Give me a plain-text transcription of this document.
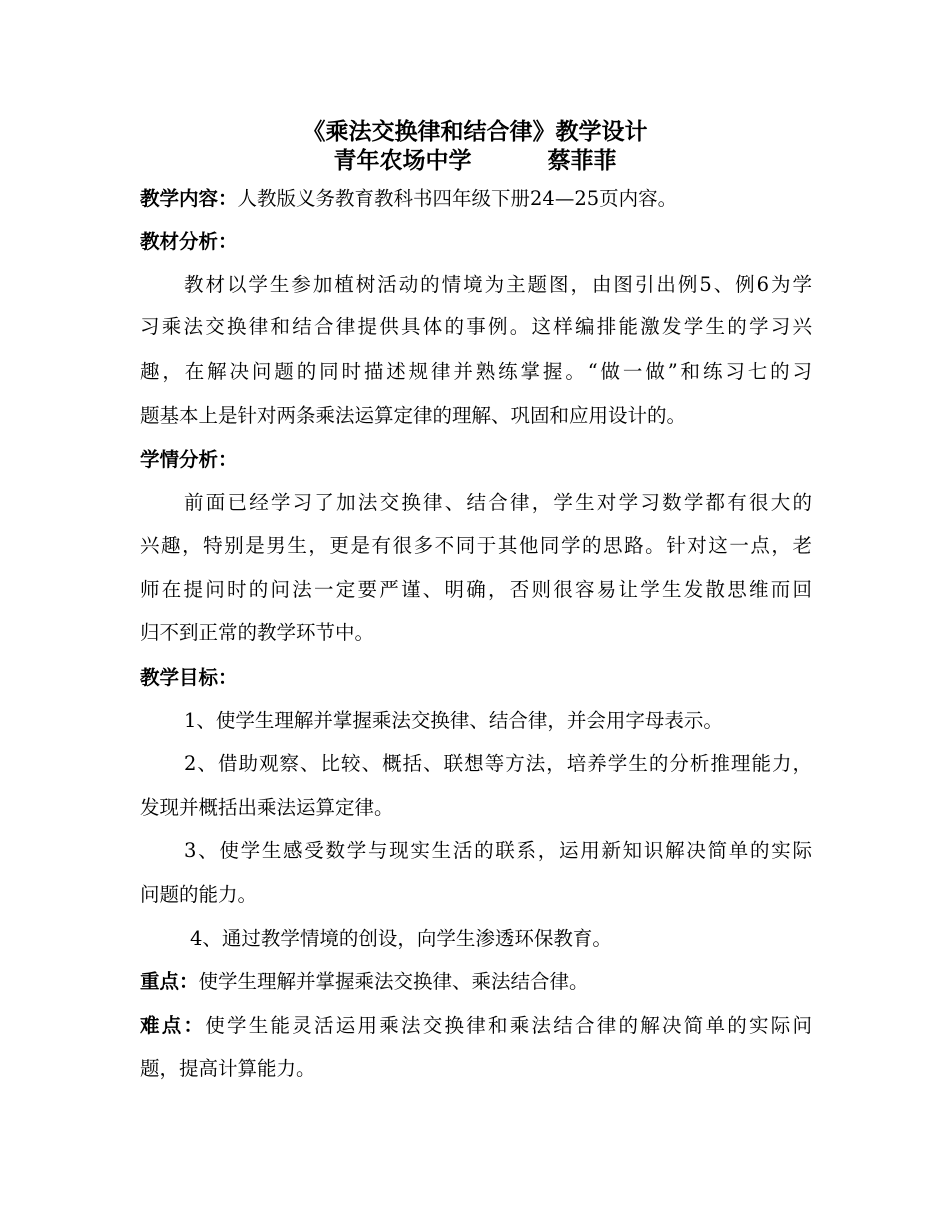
《乘法交换律和结合律》教学设计
青年农场中学	蔡菲菲
教学内容：人教版义务教育教科书四年级下册24—25页内容。
教材分析：
教材以学生参加植树活动的情境为主题图，由图引出例5、例6为学
习乘法交换律和结合律提供具体的事例。这样编排能激发学生的学习兴
趣，在解决问题的同时描述规律并熟练掌握。“做一做”和练习七的习
题基本上是针对两条乘法运算定律的理解、巩固和应用设计的。
学情分析：
前面已经学习了加法交换律、结合律，学生对学习数学都有很大的
兴趣，特别是男生，更是有很多不同于其他同学的思路。针对这一点，老
师在提问时的问法一定要严谨、明确，否则很容易让学生发散思维而回
归不到正常的教学环节中。
教学目标：
1、使学生理解并掌握乘法交换律、结合律，并会用字母表示。
2、借助观察、比较、概括、联想等方法，培养学生的分析推理能力，
发现并概括出乘法运算定律。
3、使学生感受数学与现实生活的联系，运用新知识解决简单的实际
问题的能力。
4、通过教学情境的创设，向学生渗透环保教育。
重点：使学生理解并掌握乘法交换律、乘法结合律。
难点：使学生能灵活运用乘法交换律和乘法结合律的解决简单的实际问
题，提高计算能力。
